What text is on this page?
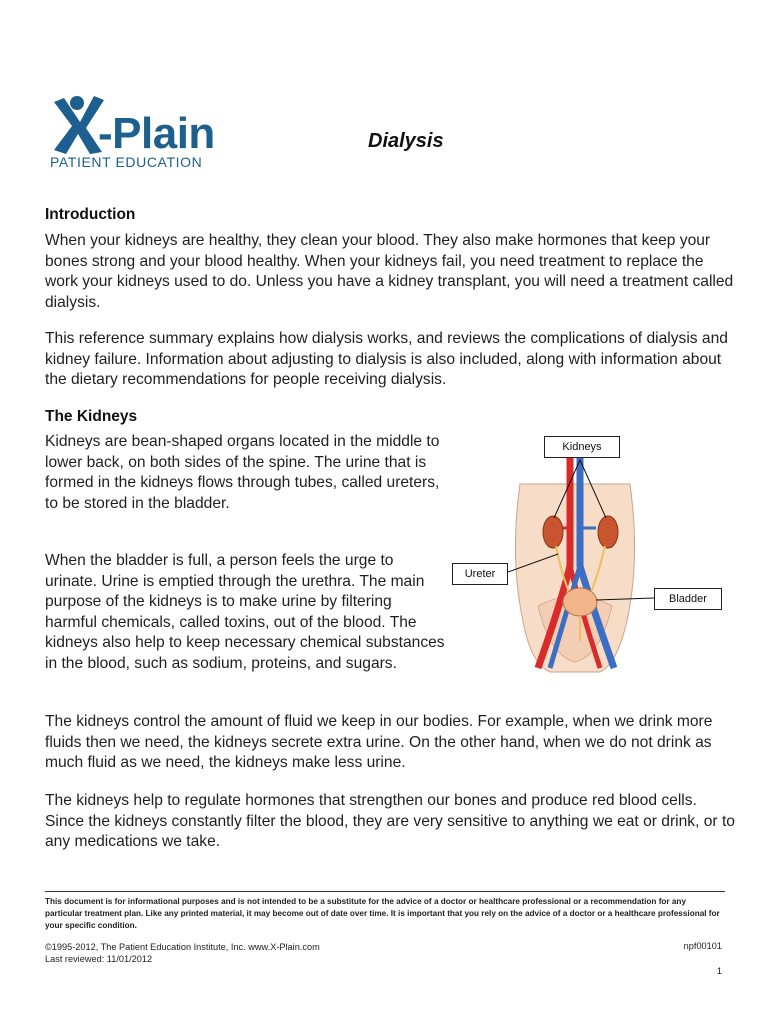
-Plain
PATIENT EDUCATION
Dialysis
Introduction

When your kidneys are healthy, they clean your blood. They also make hormones that keep your bones strong and your blood healthy. When your kidneys fail, you need treatment to replace the work your kidneys used to do. Unless you have a kidney transplant, you will need a treatment called dialysis.

This reference summary explains how dialysis works, and reviews the complications of dialysis and kidney failure. Information about adjusting to dialysis is also included, along with information about the dietary recommendations for people receiving dialysis.

The Kidneys

Kidneys are bean-shaped organs located in the middle to lower back, on both sides of the spine. The urine that is formed in the kidneys flows through tubes, called ureters, to be stored in the bladder.

When the bladder is full, a person feels the urge to urinate. Urine is emptied through the urethra. The main purpose of the kidneys is to make urine by filtering harmful chemicals, called toxins, out of the blood. The kidneys also help to keep necessary chemical substances in the blood, such as sodium, proteins, and sugars.

The kidneys control the amount of fluid we keep in our bodies. For example, when we drink more fluids then we need, the kidneys secrete extra urine. On the other hand, when we do not drink as much fluid as we need, the kidneys make less urine.

The kidneys help to regulate hormones that strengthen our bones and produce red blood cells. Since the kidneys constantly filter the blood, they are very sensitive to anything we eat or drink, or to any medications we take.

Kidneys
Ureter
Bladder

This document is for informational purposes and is not intended to be a substitute for the advice of a doctor or healthcare professional or a recommendation for any particular treatment plan. Like any printed material, it may become out of date over time. It is important that you rely on the advice of a doctor or a healthcare professional for your specific condition.

©1995-2012, The Patient Education Institute, Inc. www.X-Plain.com
Last reviewed: 11/01/2012
npf00101
1
